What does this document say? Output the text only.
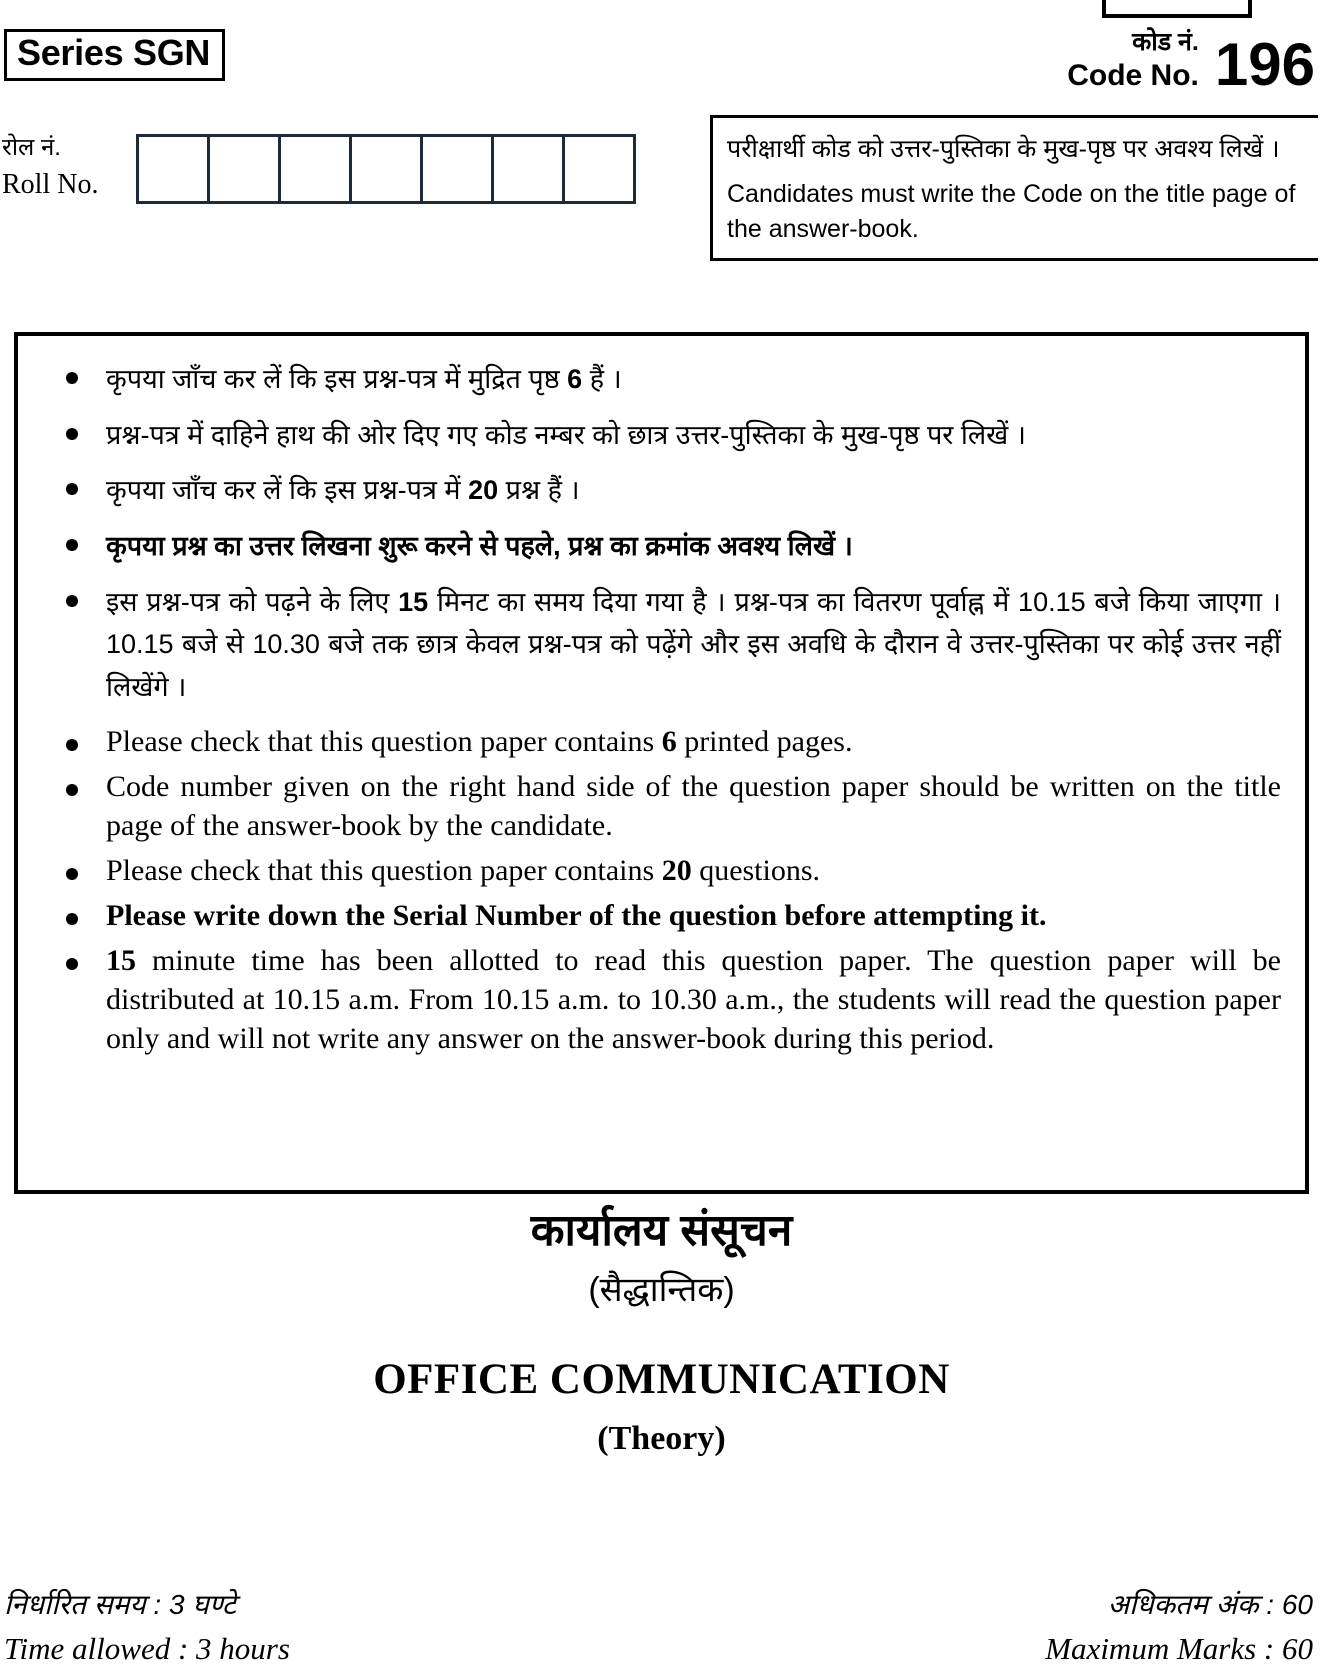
Series SGN
रोल नं.
Roll No.
कोड नं.
Code No. 196

परीक्षार्थी कोड को उत्तर-पुस्तिका के मुख-पृष्ठ पर अवश्य लिखें ।

Candidates must write the Code on the title page of the answer-book.

कृपया जाँच कर लें कि इस प्रश्न-पत्र में मुद्रित पृष्ठ 6 हैं ।
प्रश्न-पत्र में दाहिने हाथ की ओर दिए गए कोड नम्बर को छात्र उत्तर-पुस्तिका के मुख-पृष्ठ पर लिखें ।
कृपया जाँच कर लें कि इस प्रश्न-पत्र में 20 प्रश्न हैं ।
कृपया प्रश्न का उत्तर लिखना शुरू करने से पहले, प्रश्न का क्रमांक अवश्य लिखें ।
इस प्रश्न-पत्र को पढ़ने के लिए 15 मिनट का समय दिया गया है । प्रश्न-पत्र का वितरण पूर्वाह्न में 10.15 बजे किया जाएगा । 10.15 बजे से 10.30 बजे तक छात्र केवल प्रश्न-पत्र को पढ़ेंगे और इस अवधि के दौरान वे उत्तर-पुस्तिका पर कोई उत्तर नहीं लिखेंगे ।
Please check that this question paper contains 6 printed pages.
Code number given on the right hand side of the question paper should be written on the title page of the answer-book by the candidate.
Please check that this question paper contains 20 questions.
Please write down the Serial Number of the question before attempting it.
15 minute time has been allotted to read this question paper. The question paper will be distributed at 10.15 a.m. From 10.15 a.m. to 10.30 a.m., the students will read the question paper only and will not write any answer on the answer-book during this period.
कार्यालय संसूचन

(सैद्धान्तिक)

OFFICE COMMUNICATION

(Theory)

निर्धारित समय : 3 घण्टे
Time allowed : 3 hours
अधिकतम अंक : 60
Maximum Marks : 60
